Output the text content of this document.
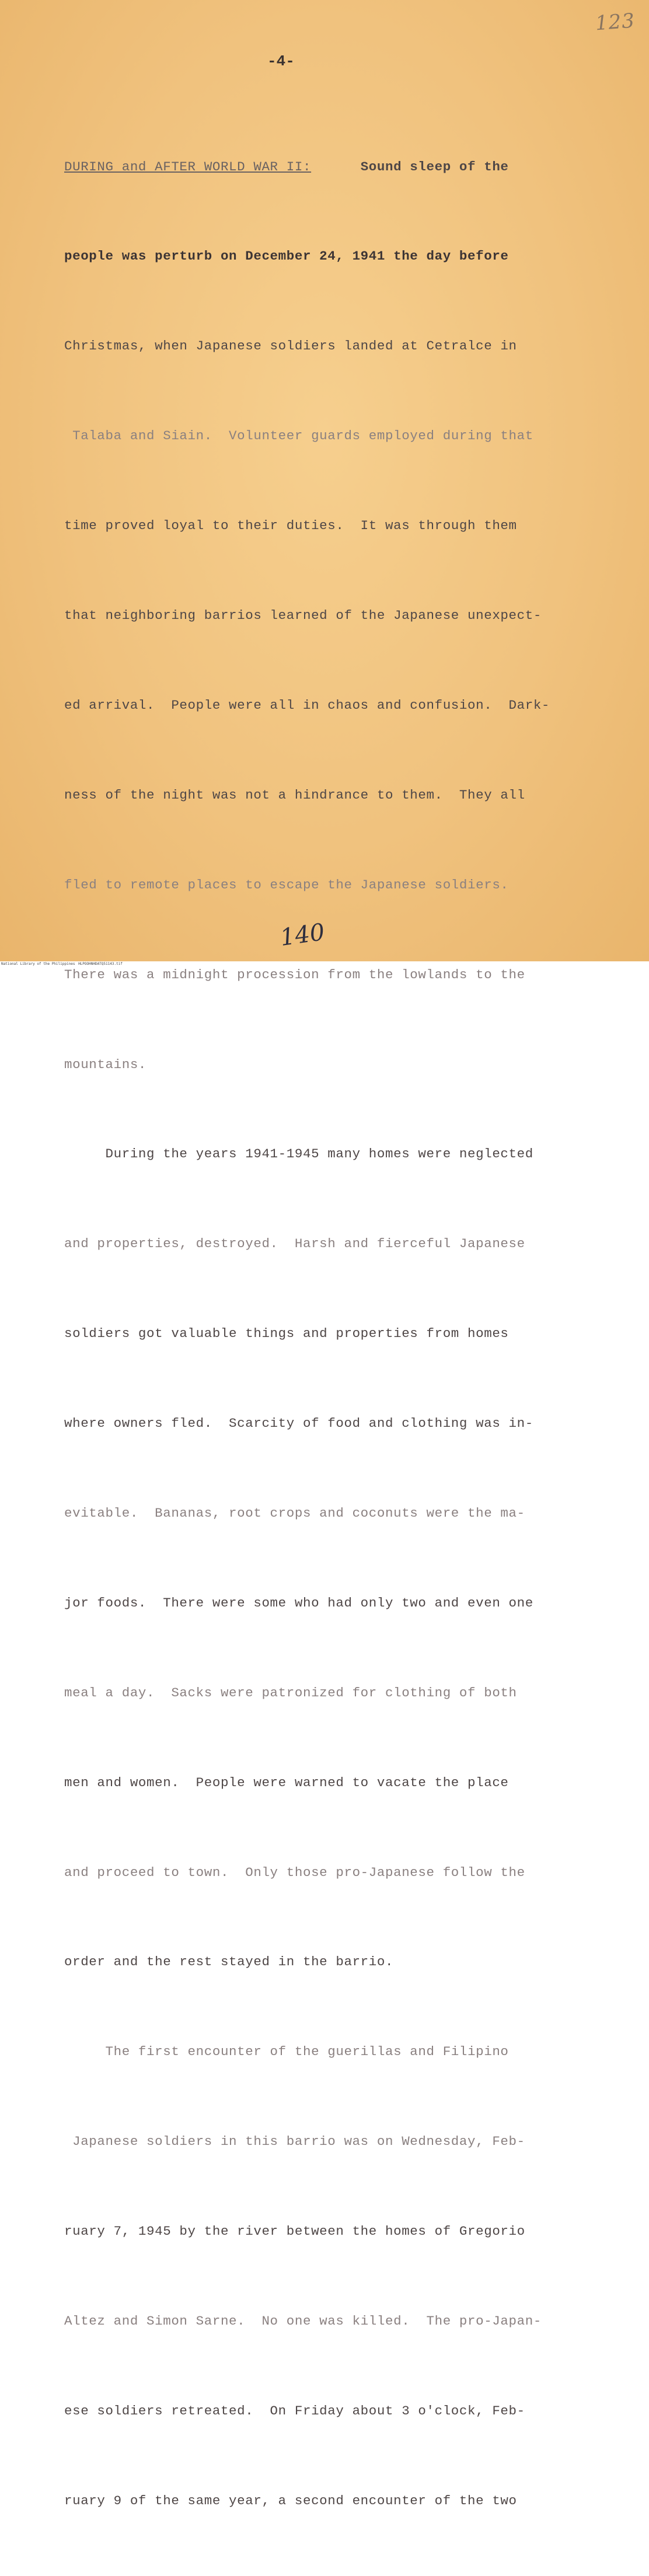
123
-4-

DURING and AFTER WORLD WAR II:      Sound sleep of the

people was perturb on December 24, 1941 the day before

Christmas, when Japanese soldiers landed at Cetralce in

Talaba and Siain.  Volunteer guards employed during that

time proved loyal to their duties.  It was through them

that neighboring barrios learned of the Japanese unexpect-

ed arrival.  People were all in chaos and confusion.  Dark-

ness of the night was not a hindrance to them.  They all

fled to remote places to escape the Japanese soldiers.

There was a midnight procession from the lowlands to the

mountains.

During the years 1941-1945 many homes were neglected

and properties, destroyed.  Harsh and fierceful Japanese

soldiers got valuable things and properties from homes

where owners fled.  Scarcity of food and clothing was in-

evitable.  Bananas, root crops and coconuts were the ma-

jor foods.  There were some who had only two and even one

meal a day.  Sacks were patronized for clothing of both

men and women.  People were warned to vacate the place

and proceed to town.  Only those pro-Japanese follow the

order and the rest stayed in the barrio.

The first encounter of the guerillas and Filipino

Japanese soldiers in this barrio was on Wednesday, Feb-

ruary 7, 1945 by the river between the homes of Gregorio

Altez and Simon Sarne.  No one was killed.  The pro-Japan-

ese soldiers retreated.  On Friday about 3 o'clock, Feb-

ruary 9 of the same year, a second encounter of the two

140
National Library of the Philippines HLPOOHNHDATQ51143.tif
